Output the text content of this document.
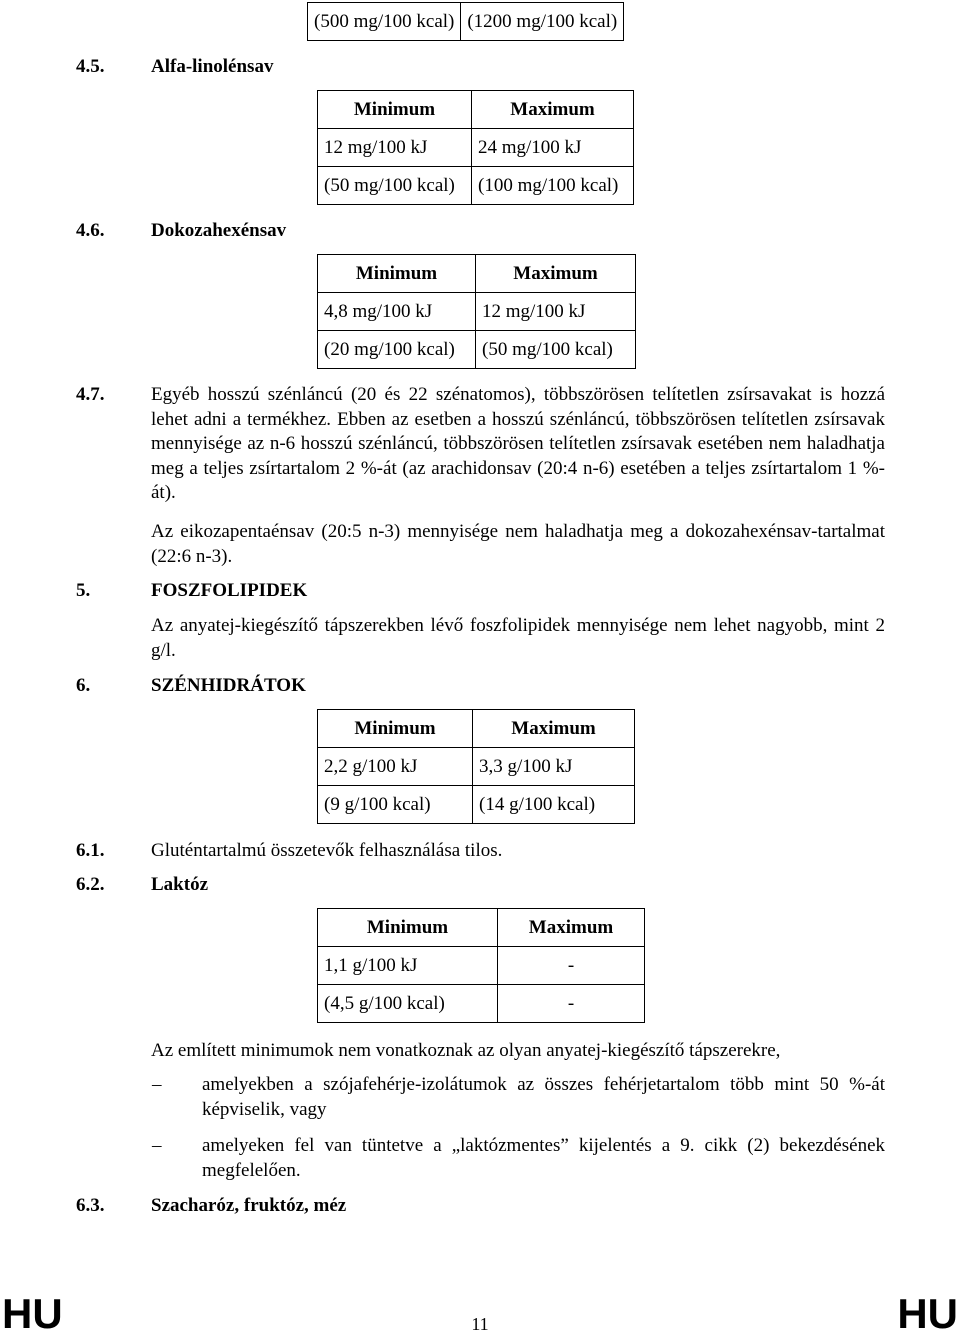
(500 mg/100 kcal)	(1200 mg/100 kcal)
4.5. Alfa-linolénsav
Minimum	Maximum
12 mg/100 kJ	24 mg/100 kJ
(50 mg/100 kcal)	(100 mg/100 kcal)
4.6. Dokozahexénsav
Minimum	Maximum
4,8 mg/100 kJ	12 mg/100 kJ
(20 mg/100 kcal)	(50 mg/100 kcal)
4.7. Egyéb hosszú szénláncú (20 és 22 szénatomos), többszörösen telítetlen zsírsavakat is hozzá lehet adni a termékhez. Ebben az esetben a hosszú szénláncú, többszörösen telítetlen zsírsavak mennyisége az n-6 hosszú szénláncú, többszörösen telítetlen zsírsavak esetében nem haladhatja meg a teljes zsírtartalom 2 %-át (az arachidonsav (20:4 n-6) esetében a teljes zsírtartalom 1 %-át).
Az eikozapentaénsav (20:5 n-3) mennyisége nem haladhatja meg a dokozahexénsav-tartalmat (22:6 n-3).
5.	FOSZFOLIPIDEK
Az anyatej-kiegészítő tápszerekben lévő foszfolipidek mennyisége nem lehet nagyobb, mint 2 g/l.
6.	SZÉNHIDRÁTOK
Minimum	Maximum
2,2 g/100 kJ	3,3 g/100 kJ
(9 g/100 kcal)	(14 g/100 kcal)
6.1. Gluténtartalmú összetevők felhasználása tilos.
6.2. Laktóz
Minimum	Maximum
1,1 g/100 kJ	-
(4,5 g/100 kcal)	-
Az említett minimumok nem vonatkoznak az olyan anyatej-kiegészítő tápszerekre,
– amelyekben a szójafehérje-izolátumok az összes fehérjetartalom több mint 50 %-át képviselik, vagy
– amelyeken fel van tüntetve a „laktózmentes” kijelentés a 9. cikk (2) bekezdésének megfelelően.
6.3. Szacharóz, fruktóz, méz
HU	HU
11
